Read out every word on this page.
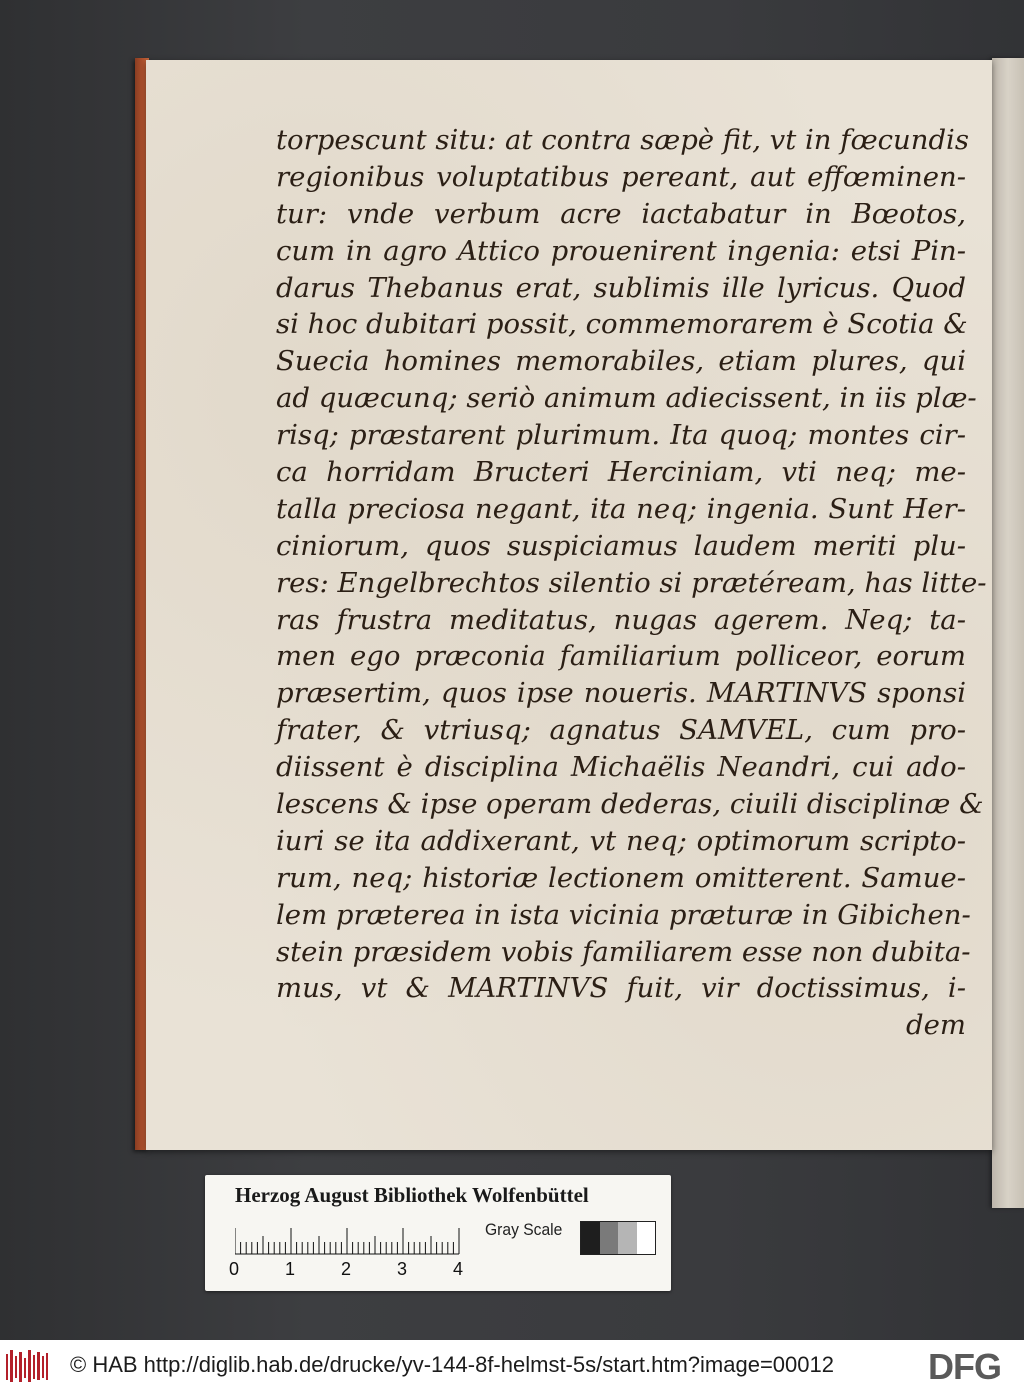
torpescunt situ: at contra sæpè fit, vt in fœcundis
regionibus voluptatibus pereant, aut effœminen-
tur: vnde verbum acre iactabatur in Bœotos,
cum in agro Attico prouenirent ingenia: etsi Pin-
darus Thebanus erat, sublimis ille lyricus. Quod
si hoc dubitari possit, commemorarem è Scotia &
Suecia homines memorabiles, etiam plures, qui
ad quæcunq; seriò animum adiecissent, in iis plæ-
risq; præstarent plurimum. Ita quoq; montes cir-
ca horridam Bructeri Herciniam, vti neq; me-
talla preciosa negant, ita neq; ingenia. Sunt Her-
ciniorum, quos suspiciamus laudem meriti plu-
res: Engelbrechtos silentio si prætéream, has litte-
ras frustra meditatus, nugas agerem. Neq; ta-
men ego præconia familiarium polliceor, eorum
præsertim, quos ipse noueris. MARTINVS sponsi
frater, & vtriusq; agnatus SAMVEL, cum pro-
diissent è disciplina Michaëlis Neandri, cui ado-
lescens & ipse operam dederas, ciuili disciplinæ &
iuri se ita addixerant, vt neq; optimorum scripto-
rum, neq; historiæ lectionem omitterent. Samue-
lem præterea in ista vicinia præturæ in Gibichen-
stein præsidem vobis familiarem esse non dubita-
mus, vt & MARTINVS fuit, vir doctissimus, i-
dem
Herzog August Bibliothek Wolfenbüttel
0	1	2	3	4
Gray Scale
© HAB http://diglib.hab.de/drucke/yv-144-8f-helmst-5s/start.htm?image=00012	DFG
